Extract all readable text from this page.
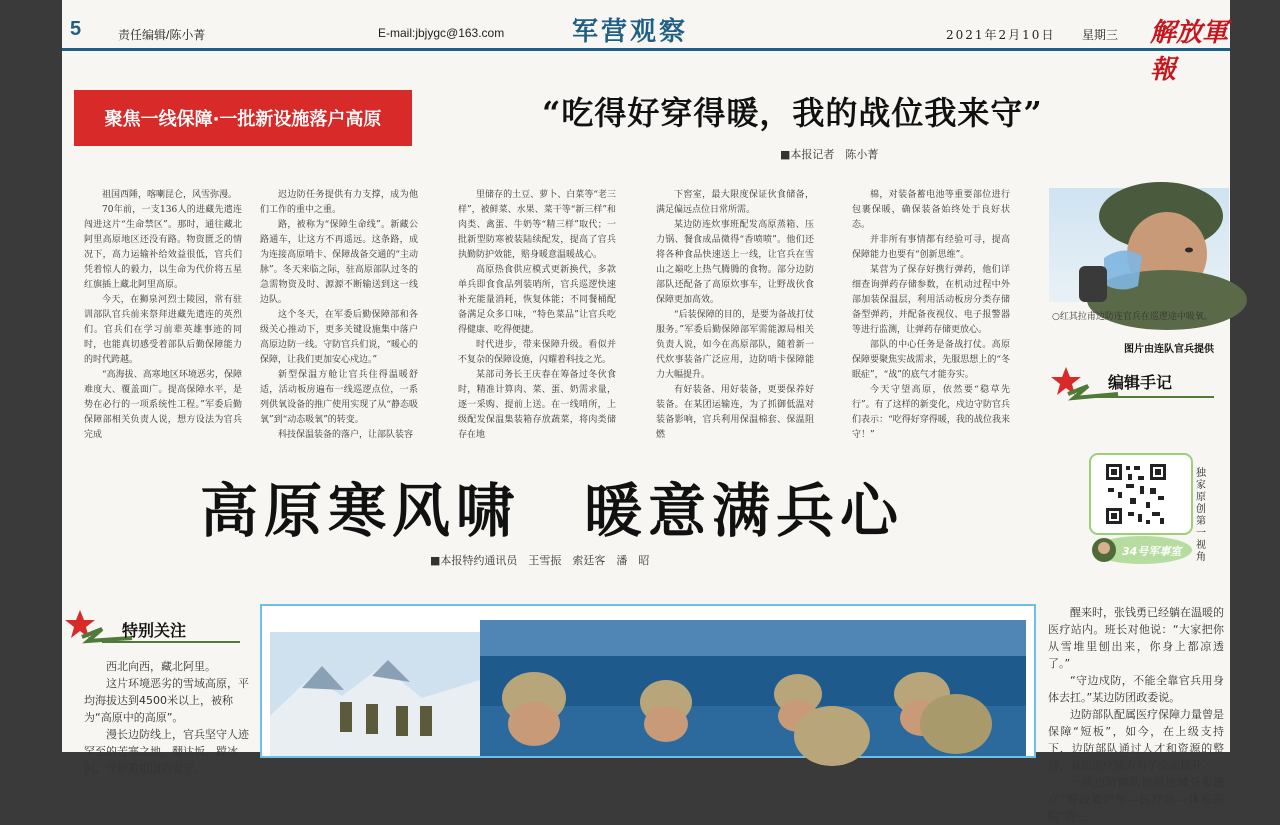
5	责任编辑/陈小菁	E-mail:jbjygc@163.com	军营观察	2021年2月10日 星期三 解放軍報
聚焦一线保障·一批新设施落户高原	“吃得好穿得暖，我的战位我来守”
■本报记者　陈小菁

祖国西陲，喀喇昆仑，风雪弥漫。

70年前，一支136人的进藏先遣连闯进这片“生命禁区”。那时，通往藏北阿里高原地区还没有路。物资匮乏的情况下，高力运输补给效益很低，官兵们凭着惊人的毅力，以生命为代价将五星红旗插上藏北阿里高原。

今天，在狮泉河烈士陵园，常有驻训部队官兵前来祭拜进藏先遣连的英烈们。官兵们在学习前辈英雄事迹的同时，也能真切感受着部队后勤保障能力的时代跨越。

“高海拔、高寒地区环境恶劣，保障难度大、覆盖面广。提高保障水平，是势在必行的一项系统性工程。”军委后勤保障部相关负责人说，想方设法为官兵完成

迟边防任务提供有力支撑，成为他们工作的重中之重。

路，被称为“保障生命线”。新藏公路通车，让这方不再遥远。这条路，成为连接高原哨卡、保障战备交通的“主动脉”。冬天来临之际，驻高原部队过冬的急需物资及时、源源不断输送到这一线边队。

这个冬天，在军委后勤保障部和各级关心推动下，更多关键设施集中落户高原边防一线。守防官兵们说，“暖心的保障，让我们更加安心戍边。”

新型保温方舱让官兵住得温暖舒适，活动板房遍布一线巡逻点位，一系列供氧设备的推广使用实现了从“静态吸氧”到“动态吸氧”的转变。

科技保温装备的落户，让部队装容

里储存的土豆、萝卜、白菜等“老三样”，被鲜菜、水果、菜干等“新三样”和肉类、禽蛋、牛奶等“精三样”取代；一批新型防寒被装陆续配发，提高了官兵执勤防护效能，赔身暖意温暖战心。

高原热食供应模式更新换代，多款单兵即食食品列装哨所，官兵巡逻快速补充能量消耗，恢复体能；不同餐桶配备满足众多口味，“特色菜品”让官兵吃得健康、吃得便捷。

时代进步，带来保障升级。看似并不复杂的保障设施，闪耀着科技之光。

某部司务长王庆春在筹备过冬伙食时，精准计算肉、菜、蛋、奶需求量，逐一采购、提前上送。在一线哨所，上级配发保温集装箱存放蔬菜，将肉类储存在地

下窖室，最大限度保证伙食储备，满足偏远点位日常所需。

某边防连炊事班配发高原蒸箱、压力锅、餐食成品微得“香喷喷”。他们还将各种食品快速送上一线，让官兵在雪山之巅吃上热气腾腾的食物。部分边防部队还配备了高原炊事车，让野战伙食保障更加高效。

“后装保障的目的，是要为备战打仗服务。”军委后勤保障部军需能源局相关负责人说，如今在高原部队，随着新一代炊事装备广泛应用，边防哨卡保障能力大幅提升。

有好装备、用好装备，更要保养好装备。在某团运输连，为了抓御低温对装备影响，官兵利用保温棉套、保温阻燃

棉，对装备蓄电池等重要部位进行包裹保暖，确保装备始终处于良好状态。

并非所有事情都有经验可寻，提高保障能力也要有“创新思维”。

某营为了保存好携行弹药，他们详细查询弹药存储参数，在机动过程中外部加装保温层，利用活动板房分类存储备型弹药，并配备夜视仪、电子报警器等进行监测，让弹药存储更放心。

部队的中心任务是备战打仗。高原保障要聚焦实战需求，先服思想上的“冬眠症”，“战”的底气才能夯实。

今天守望高原，依然要“稳草先行”。有了这样的新变化，戍边守防官兵们表示：“吃得好穿得暖，我的战位我来守！”

○红其拉甫边防连官兵在巡逻途中吸氧。
图片由连队官兵提供
编辑手记
高原寒风啸　暖意满兵心
■本报特约通讯员　王雪振　索廷客　潘　昭
34号军事室
独家原创第一视角
特别关注

西北向西，藏北阿里。

这片环境恶劣的雪域高原，平均海拔达到4500米以上，被称为“高原中的高原”。

漫长边防线上，官兵坚守人迹罕至的苦寒之地，翻达坂、蹚冰河，守护着祖国的安宁。

醒来时，张钱勇已经躺在温暖的医疗站内。班长对他说：“大家把你从雪堆里刨出来，你身上都凉透了。”

“守边戍防，不能全靠官兵用身体去扛。”某边防团政委说。

边防部队配属医疗保障力量曾是保障“短板”，如今，在上级支持下，边防部队通过人才和资源的整合，基层医疗能力有了全面提升。

一线边防部队按照地域分布建立“野战救护所—医疗站—体系医院”的三
